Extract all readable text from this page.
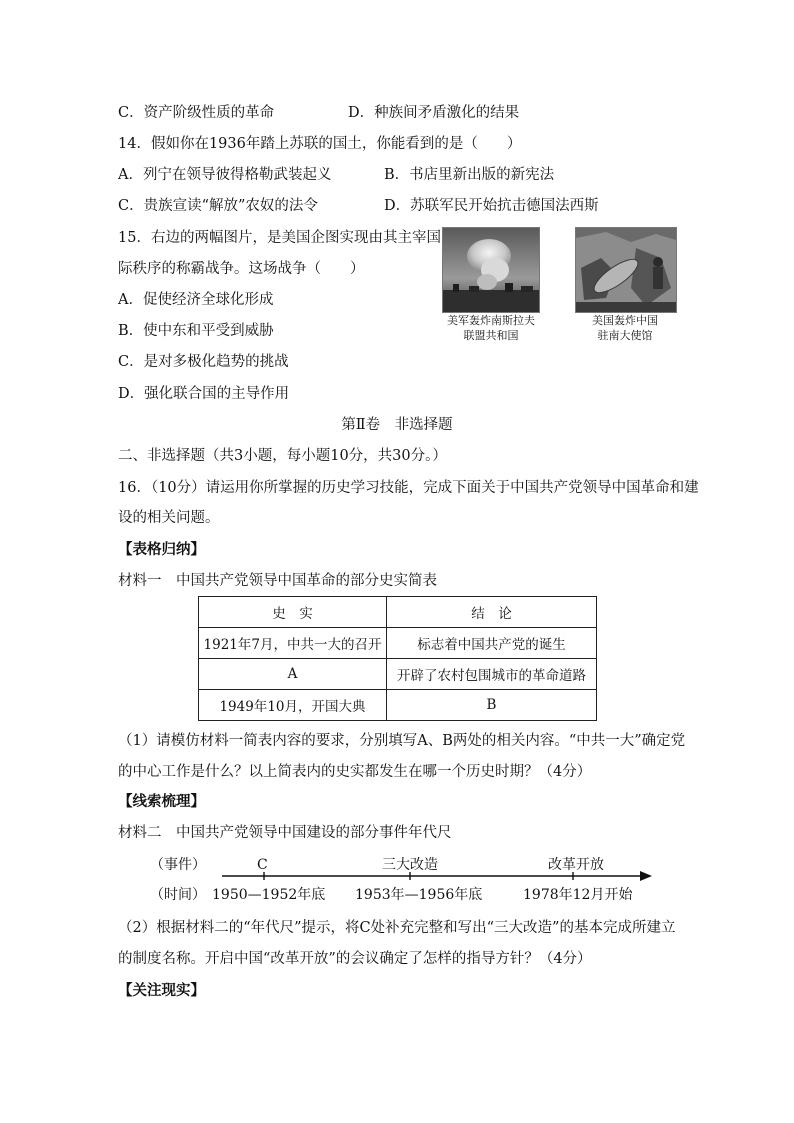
C．资产阶级性质的革命	D．种族间矛盾激化的结果
14．假如你在1936年踏上苏联的国土，你能看到的是（　　）
A．列宁在领导彼得格勒武装起义	B．书店里新出版的新宪法
C．贵族宣读“解放”农奴的法令	D．苏联军民开始抗击德国法西斯
15．右边的两幅图片，是美国企图实现由其主宰国
际秩序的称霸战争。这场战争（　　）
A．促使经济全球化形成
B．使中东和平受到威胁
C．是对多极化趋势的挑战
D．强化联合国的主导作用
美军轰炸南斯拉夫
联盟共和国
美国轰炸中国
驻南大使馆
第Ⅱ卷　非选择题
二、非选择题（共3小题，每小题10分，共30分。）
16．（10分）请运用你所掌握的历史学习技能，完成下面关于中国共产党领导中国革命和建
设的相关问题。
【表格归纳】
材料一　中国共产党领导中国革命的部分史实简表
史　实	结　论
1921年7月，中共一大的召开	标志着中国共产党的诞生
A	开辟了农村包围城市的革命道路
1949年10月，开国大典	B
（1）请模仿材料一简表内容的要求，分别填写A、B两处的相关内容。“中共一大”确定党
的中心工作是什么？以上简表内的史实都发生在哪一个历史时期？（4分）
【线索梳理】
材料二　中国共产党领导中国建设的部分事件年代尺
（事件）	C	三大改造	改革开放
（时间） 1950—1952年底 1953年—1956年底	1978年12月开始
（2）根据材料二的“年代尺”提示，将C处补充完整和写出“三大改造”的基本完成所建立
的制度名称。开启中国“改革开放”的会议确定了怎样的指导方针？（4分）
【关注现实】
